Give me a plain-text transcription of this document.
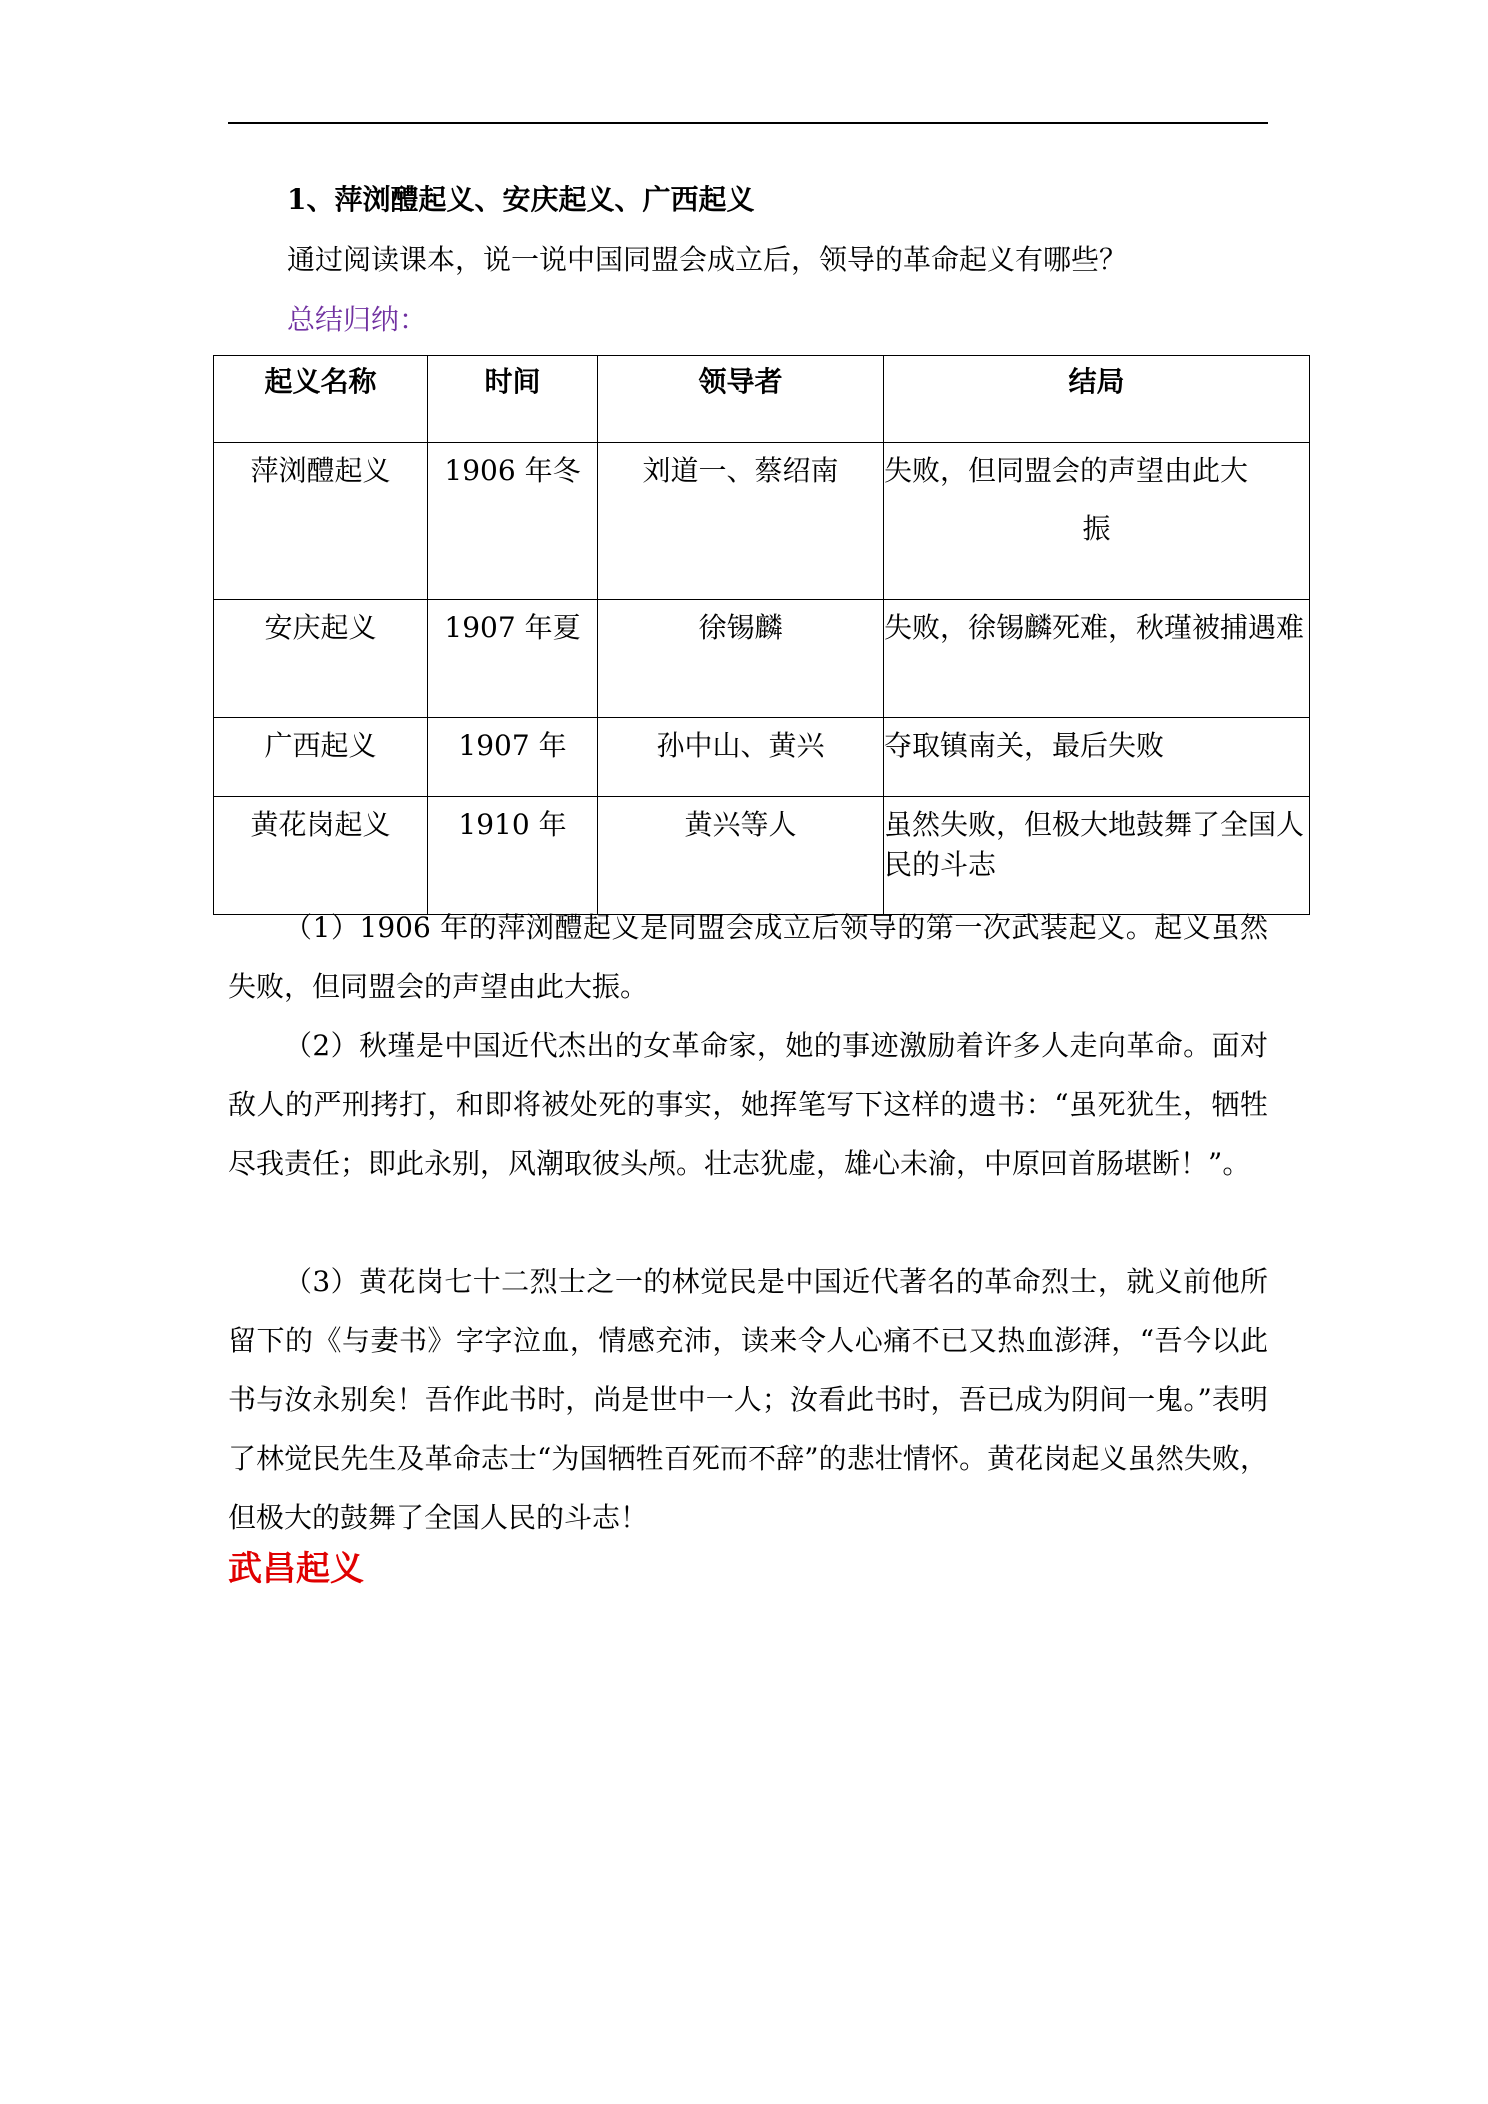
1、萍浏醴起义、安庆起义、广西起义
通过阅读课本，说一说中国同盟会成立后，领导的革命起义有哪些？
总结归纳：
起义名称	时间	领导者	结局
萍浏醴起义	1906 年冬	刘道一、蔡绍南	失败，但同盟会的声望由此大
振

安庆起义	1907 年夏	徐锡麟	失败，徐锡麟死难，秋瑾被捕遇难
广西起义	1907 年	孙中山、黄兴	夺取镇南关，最后失败
黄花岗起义	1910 年	黄兴等人	虽然失败，但极大地鼓舞了全国人民的斗志
（1）1906 年的萍浏醴起义是同盟会成立后领导的第一次武装起义。起义虽然失败，但同盟会的声望由此大振。
（2）秋瑾是中国近代杰出的女革命家，她的事迹激励着许多人走向革命。面对敌人的严刑拷打，和即将被处死的事实，她挥笔写下这样的遗书：“虽死犹生，牺牲尽我责任；即此永别，风潮取彼头颅。壮志犹虚，雄心未渝，中原回首肠堪断！”。
（3）黄花岗七十二烈士之一的林觉民是中国近代著名的革命烈士，就义前他所留下的《与妻书》字字泣血，情感充沛，读来令人心痛不已又热血澎湃，“吾今以此书与汝永别矣！吾作此书时，尚是世中一人；汝看此书时，吾已成为阴间一鬼。”表明了林觉民先生及革命志士“为国牺牲百死而不辞”的悲壮情怀。黄花岗起义虽然失败，但极大的鼓舞了全国人民的斗志！
武昌起义
